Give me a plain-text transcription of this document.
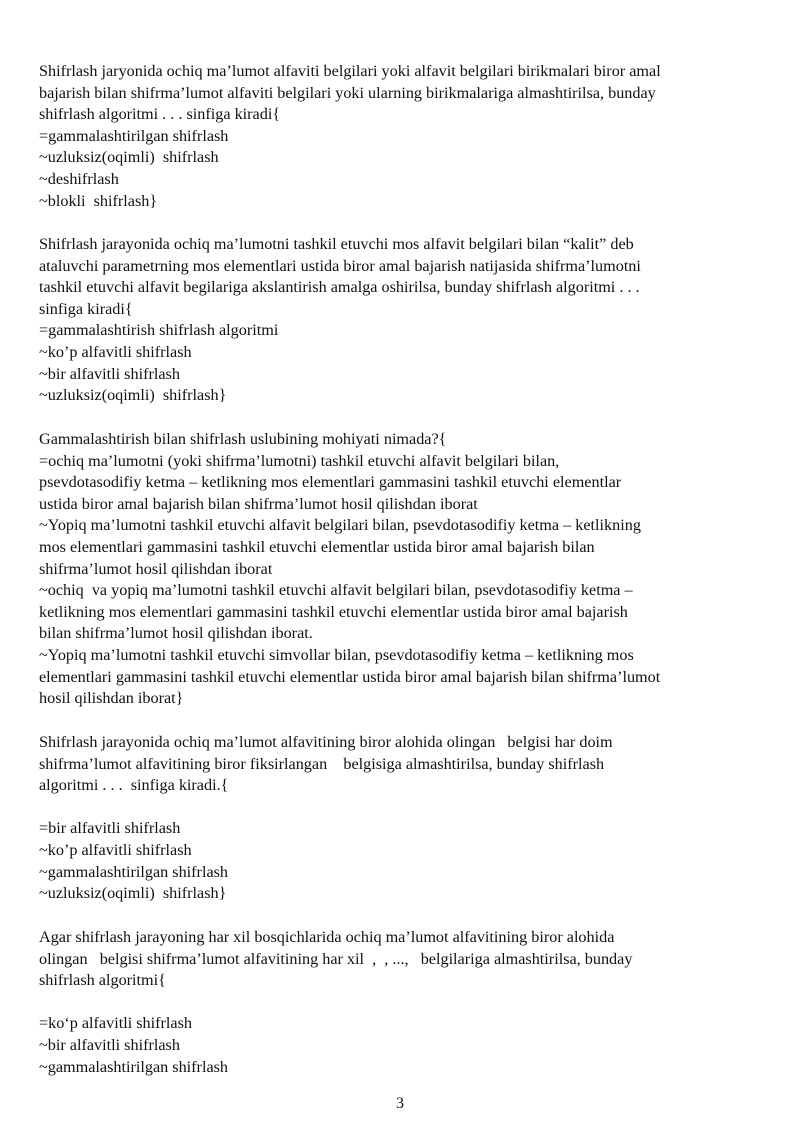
Shifrlash jaryonida ochiq ma’lumot alfaviti belgilari yoki alfavit belgilari birikmalari biror amal
bajarish bilan shifrma’lumot alfaviti belgilari yoki ularning birikmalariga almashtirilsa, bunday
shifrlash algoritmi . . . sinfiga kiradi{
=gammalashtirilgan shifrlash
~uzluksiz(oqimli)  shifrlash
~deshifrlash
~blokli  shifrlash}
Shifrlash jarayonida ochiq ma’lumotni tashkil etuvchi mos alfavit belgilari bilan “kalit” deb
ataluvchi parametrning mos elementlari ustida biror amal bajarish natijasida shifrma’lumotni
tashkil etuvchi alfavit begilariga akslantirish amalga oshirilsa, bunday shifrlash algoritmi . . .
sinfiga kiradi{
=gammalashtirish shifrlash algoritmi
~ko’p alfavitli shifrlash
~bir alfavitli shifrlash
~uzluksiz(oqimli)  shifrlash}
Gammalashtirish bilan shifrlash uslubining mohiyati nimada?{
=ochiq ma’lumotni (yoki shifrma’lumotni) tashkil etuvchi alfavit belgilari bilan,
psevdotasodifiy ketma – ketlikning mos elementlari gammasini tashkil etuvchi elementlar
ustida biror amal bajarish bilan shifrma’lumot hosil qilishdan iborat
~Yopiq ma’lumotni tashkil etuvchi alfavit belgilari bilan, psevdotasodifiy ketma – ketlikning
mos elementlari gammasini tashkil etuvchi elementlar ustida biror amal bajarish bilan
shifrma’lumot hosil qilishdan iborat
~ochiq  va yopiq ma’lumotni tashkil etuvchi alfavit belgilari bilan, psevdotasodifiy ketma –
ketlikning mos elementlari gammasini tashkil etuvchi elementlar ustida biror amal bajarish
bilan shifrma’lumot hosil qilishdan iborat.
~Yopiq ma’lumotni tashkil etuvchi simvollar bilan, psevdotasodifiy ketma – ketlikning mos
elementlari gammasini tashkil etuvchi elementlar ustida biror amal bajarish bilan shifrma’lumot
hosil qilishdan iborat}
Shifrlash jarayonida ochiq ma’lumot alfavitining biror alohida olingan   belgisi har doim
shifrma’lumot alfavitining biror fiksirlangan    belgisiga almashtirilsa, bunday shifrlash
algoritmi . . .  sinfiga kiradi.{

=bir alfavitli shifrlash
~ko’p alfavitli shifrlash
~gammalashtirilgan shifrlash
~uzluksiz(oqimli)  shifrlash}
Agar shifrlash jarayoning har xil bosqichlarida ochiq ma’lumot alfavitining biror alohida
olingan   belgisi shifrma’lumot alfavitining har xil  ,  , ...,   belgilariga almashtirilsa, bunday
shifrlash algoritmi{

=ko‘p alfavitli shifrlash
~bir alfavitli shifrlash
~gammalashtirilgan shifrlash
3
